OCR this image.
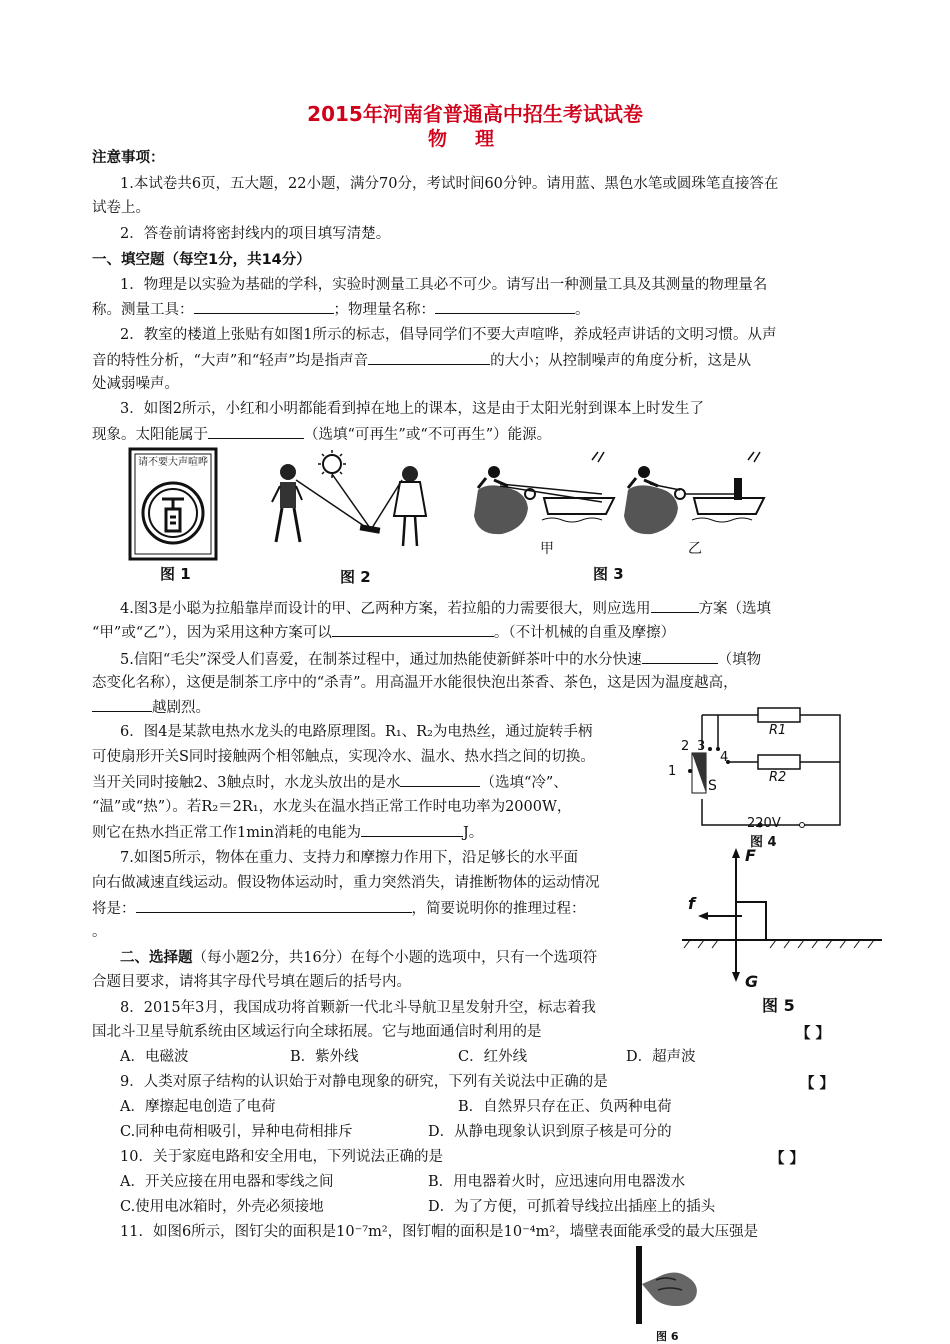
2015年河南省普通高中招生考试试卷
物理
注意事项：
1.本试卷共6页，五大题，22小题，满分70分，考试时间60分钟。请用蓝、黑色水笔或圆珠笔直接答在
试卷上。
2．答卷前请将密封线内的项目填写清楚。
一、填空题（每空1分，共14分）
1．物理是以实验为基础的学科，实验时测量工具必不可少。请写出一种测量工具及其测量的物理量名
称。测量工具：	；物理量名称：	。
2．教室的楼道上张贴有如图1所示的标志，倡导同学们不要大声喧哗，养成轻声讲话的文明习惯。从声
音的特性分析，“大声”和“轻声”均是指声音	的大小；从控制噪声的角度分析，这是从
处减弱噪声。
3．如图2所示，小红和小明都能看到掉在地上的课本，这是由于太阳光射到课本上时发生了
现象。太阳能属于	（选填“可再生”或“不可再生”）能源。
请不要大声喧哗
图 1	图 2
甲	乙
图 3
4.图3是小聪为拉船靠岸而设计的甲、乙两种方案，若拉船的力需要很大，则应选用	方案（选填
“甲”或“乙”），因为采用这种方案可以	。（不计机械的自重及摩擦）
5.信阳“毛尖”深受人们喜爱，在制茶过程中，通过加热能使新鲜茶叶中的水分快速	（填物
态变化名称），这便是制茶工序中的“杀青”。用高温开水能很快泡出茶香、茶色，这是因为温度越高，
越剧烈。
6．图4是某款电热水龙头的电路原理图。R₁、R₂为电热丝，通过旋转手柄
可使扇形开关S同时接触两个相邻触点，实现冷水、温水、热水挡之间的切换。
当开关同时接触2、3触点时，水龙头放出的是水	（选填“冷”、
“温”或“热”）。若R₂＝2R₁，水龙头在温水挡正常工作时电功率为2000W，
则它在热水挡正常工作1min消耗的电能为	J。
R1
R2
2 3
4
1
S
220V
图 4
7.如图5所示，物体在重力、支持力和摩擦力作用下，沿足够长的水平面
向右做减速直线运动。假设物体运动时，重力突然消失，请推断物体的运动情况
将是：	，简要说明你的推理过程：
。
F
f
G
图 5
二、选择题（每小题2分，共16分）在每个小题的选项中，只有一个选项符
合题目要求，请将其字母代号填在题后的括号内。
8．2015年3月，我国成功将首颗新一代北斗导航卫星发射升空，标志着我
国北斗卫星导航系统由区域运行向全球拓展。它与地面通信时利用的是	【 】
A．电磁波	B．紫外线	C．红外线	D．超声波
9．人类对原子结构的认识始于对静电现象的研究，下列有关说法中正确的是	【 】
A．摩擦起电创造了电荷	B．自然界只存在正、负两种电荷
C.同种电荷相吸引，异种电荷相排斥	D．从静电现象认识到原子核是可分的
10．关于家庭电路和安全用电，下列说法正确的是	【 】
A．开关应接在用电器和零线之间	B．用电器着火时，应迅速向用电器泼水
C.使用电冰箱时，外壳必须接地	D．为了方便，可抓着导线拉出插座上的插头
11．如图6所示，图钉尖的面积是10⁻⁷m²，图钉帽的面积是10⁻⁴m²，墙壁表面能承受的最大压强是
图 6
